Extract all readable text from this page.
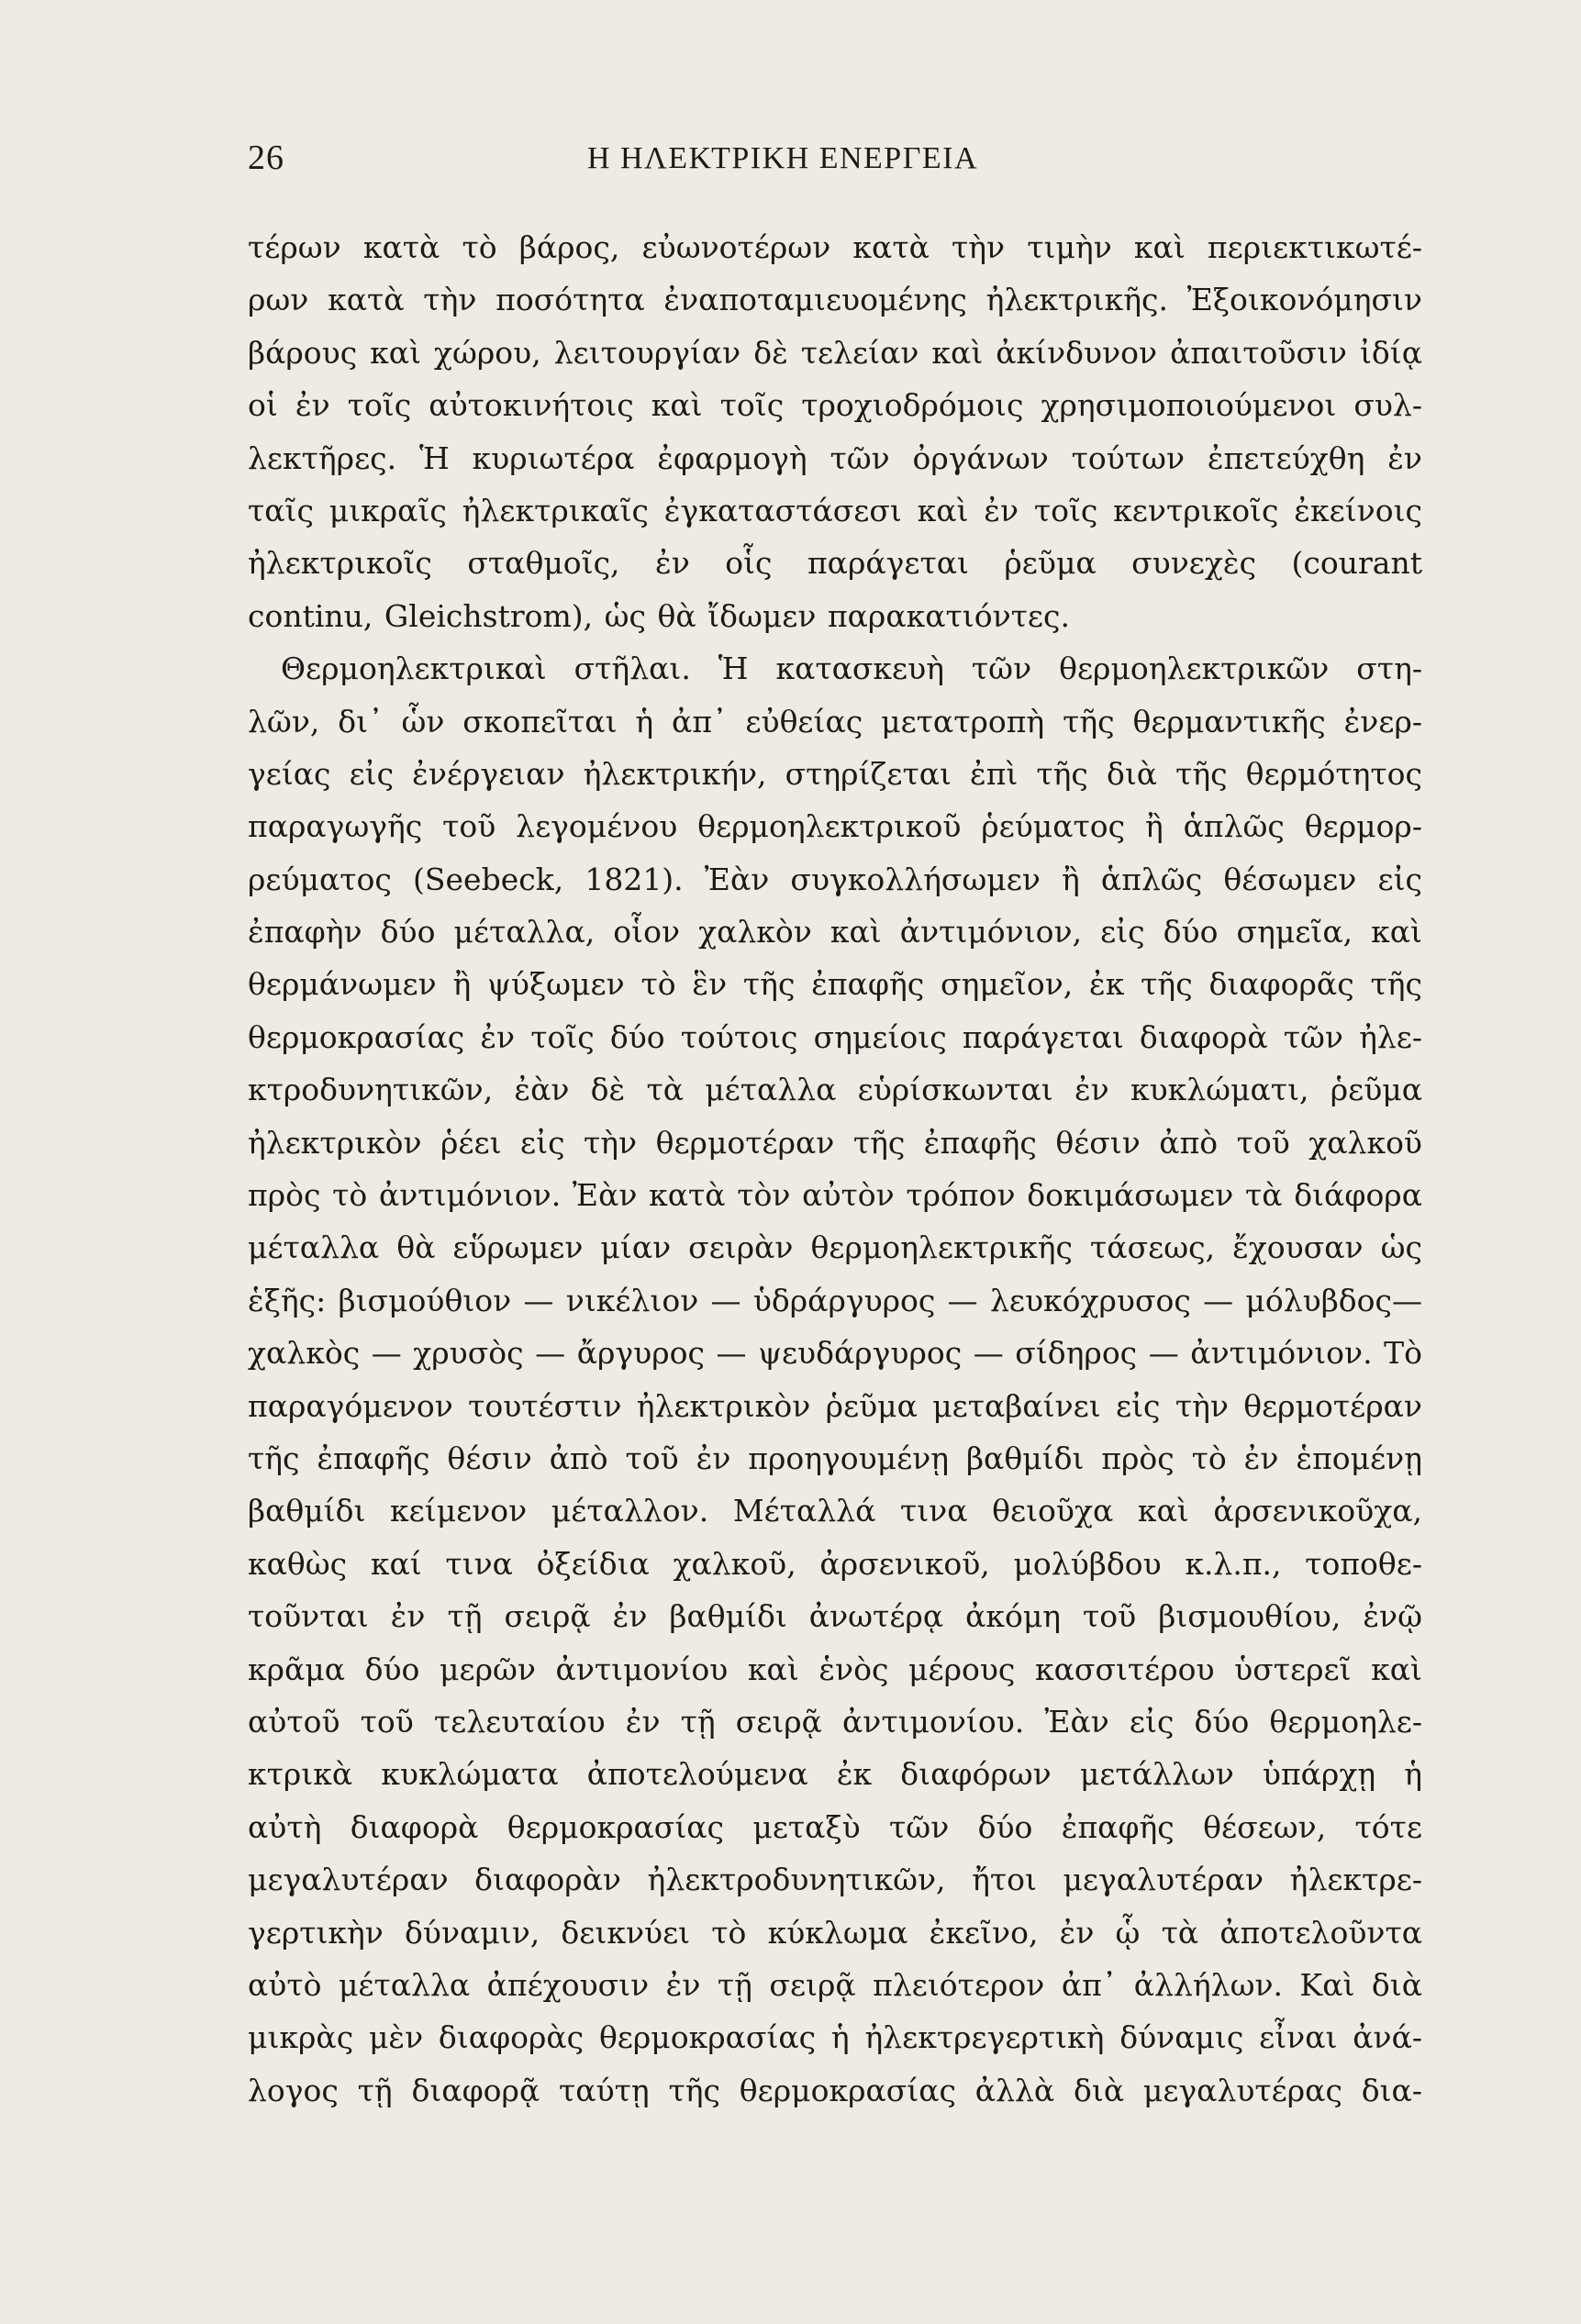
26	Η ΗΛΕΚΤΡΙΚΗ ΕΝΕΡΓΕΙΑ
τέρων κατὰ τὸ βάρος, εὐωνοτέρων κατὰ τὴν τιμὴν καὶ περιεκτικωτέ-
ρων κατὰ τὴν ποσότητα ἐναποταμιευομένης ἠλεκτρικῆς. Ἐξοικονόμησιν
βάρους καὶ χώρου, λειτουργίαν δὲ τελείαν καὶ ἀκίνδυνον ἀπαιτοῦσιν ἰδίᾳ
οἱ ἐν τοῖς αὐτοκινήτοις καὶ τοῖς τροχιοδρόμοις χρησιμοποιούμενοι συλ-
λεκτῆρες. Ἡ κυριωτέρα ἐφαρμογὴ τῶν ὀργάνων τούτων ἐπετεύχθη ἐν
ταῖς μικραῖς ἠλεκτρικαῖς ἐγκαταστάσεσι καὶ ἐν τοῖς κεντρικοῖς ἐκείνοις
ἠλεκτρικοῖς σταθμοῖς, ἐν οἷς παράγεται ῥεῦμα συνεχὲς (courant
continu, Gleichstrom), ὡς θὰ ἴδωμεν παρακατιόντες.
Θερμοηλεκτρικαὶ στῆλαι. Ἡ κατασκευὴ τῶν θερμοηλεκτρικῶν στη-
λῶν, δι᾽ ὧν σκοπεῖται ἡ ἀπ᾽ εὐθείας μετατροπὴ τῆς θερμαντικῆς ἐνερ-
γείας εἰς ἐνέργειαν ἠλεκτρικήν, στηρίζεται ἐπὶ τῆς διὰ τῆς θερμότητος
παραγωγῆς τοῦ λεγομένου θερμοηλεκτρικοῦ ῥεύματος ἢ ἁπλῶς θερμορ-
ρεύματος (Seebeck, 1821). Ἐὰν συγκολλήσωμεν ἢ ἁπλῶς θέσωμεν εἰς
ἐπαφὴν δύο μέταλλα, οἷον χαλκὸν καὶ ἀντιμόνιον, εἰς δύο σημεῖα, καὶ
θερμάνωμεν ἢ ψύξωμεν τὸ ἓν τῆς ἐπαφῆς σημεῖον, ἐκ τῆς διαφορᾶς τῆς
θερμοκρασίας ἐν τοῖς δύο τούτοις σημείοις παράγεται διαφορὰ τῶν ἠλε-
κτροδυνητικῶν, ἐὰν δὲ τὰ μέταλλα εὑρίσκωνται ἐν κυκλώματι, ῥεῦμα
ἠλεκτρικὸν ῥέει εἰς τὴν θερμοτέραν τῆς ἐπαφῆς θέσιν ἀπὸ τοῦ χαλκοῦ
πρὸς τὸ ἀντιμόνιον. Ἐὰν κατὰ τὸν αὐτὸν τρόπον δοκιμάσωμεν τὰ διάφορα
μέταλλα θὰ εὕρωμεν μίαν σειρὰν θερμοηλεκτρικῆς τάσεως, ἔχουσαν ὡς
ἑξῆς: βισμούθιον — νικέλιον — ὑδράργυρος — λευκόχρυσος — μόλυβδος—
χαλκὸς — χρυσὸς — ἄργυρος — ψευδάργυρος — σίδηρος — ἀντιμόνιον. Τὸ
παραγόμενον τουτέστιν ἠλεκτρικὸν ῥεῦμα μεταβαίνει εἰς τὴν θερμοτέραν
τῆς ἐπαφῆς θέσιν ἀπὸ τοῦ ἐν προηγουμένῃ βαθμίδι πρὸς τὸ ἐν ἑπομένῃ
βαθμίδι κείμενον μέταλλον. Μέταλλά τινα θειοῦχα καὶ ἀρσενικοῦχα,
καθὼς καί τινα ὀξείδια χαλκοῦ, ἀρσενικοῦ, μολύβδου κ.λ.π., τοποθε-
τοῦνται ἐν τῇ σειρᾷ ἐν βαθμίδι ἀνωτέρᾳ ἀκόμη τοῦ βισμουθίου, ἐνῷ
κρᾶμα δύο μερῶν ἀντιμονίου καὶ ἑνὸς μέρους κασσιτέρου ὑστερεῖ καὶ
αὐτοῦ τοῦ τελευταίου ἐν τῇ σειρᾷ ἀντιμονίου. Ἐὰν εἰς δύο θερμοηλε-
κτρικὰ κυκλώματα ἀποτελούμενα ἐκ διαφόρων μετάλλων ὑπάρχῃ ἡ
αὐτὴ διαφορὰ θερμοκρασίας μεταξὺ τῶν δύο ἐπαφῆς θέσεων, τότε
μεγαλυτέραν διαφορὰν ἠλεκτροδυνητικῶν, ἤτοι μεγαλυτέραν ἠλεκτρε-
γερτικὴν δύναμιν, δεικνύει τὸ κύκλωμα ἐκεῖνο, ἐν ᾧ τὰ ἀποτελοῦντα
αὐτὸ μέταλλα ἀπέχουσιν ἐν τῇ σειρᾷ πλειότερον ἀπ᾽ ἀλλήλων. Καὶ διὰ
μικρὰς μὲν διαφορὰς θερμοκρασίας ἡ ἠλεκτρεγερτικὴ δύναμις εἶναι ἀνά-
λογος τῇ διαφορᾷ ταύτῃ τῆς θερμοκρασίας ἀλλὰ διὰ μεγαλυτέρας δια-
